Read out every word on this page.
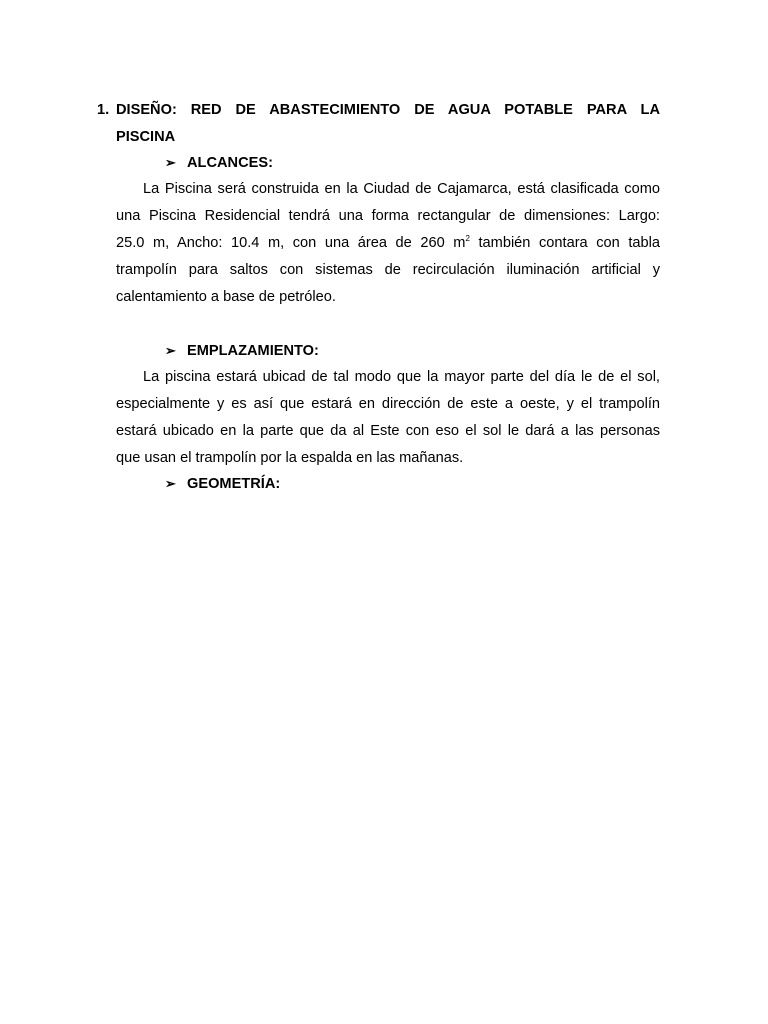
1. DISEÑO: RED DE ABASTECIMIENTO DE AGUA POTABLE PARA LA
PISCINA
➢ ALCANCES:

La Piscina será construida en la Ciudad de Cajamarca, está clasificada como
una Piscina Residencial tendrá una forma rectangular de dimensiones: Largo:
25.0 m, Ancho: 10.4 m, con una área de 260 $m^2$ también contara con tabla
trampolín para saltos con sistemas de recirculación iluminación artificial y
calentamiento a base de petróleo.

➢ EMPLAZAMIENTO:

La piscina estará ubicad de tal modo que la mayor parte del día le de el sol,
especialmente y es así que estará en dirección de este a oeste, y el trampolín
estará ubicado en la parte que da al Este con eso el sol le dará a las personas
que usan el trampolín por la espalda en las mañanas.

➢ GEOMETRÍA:
